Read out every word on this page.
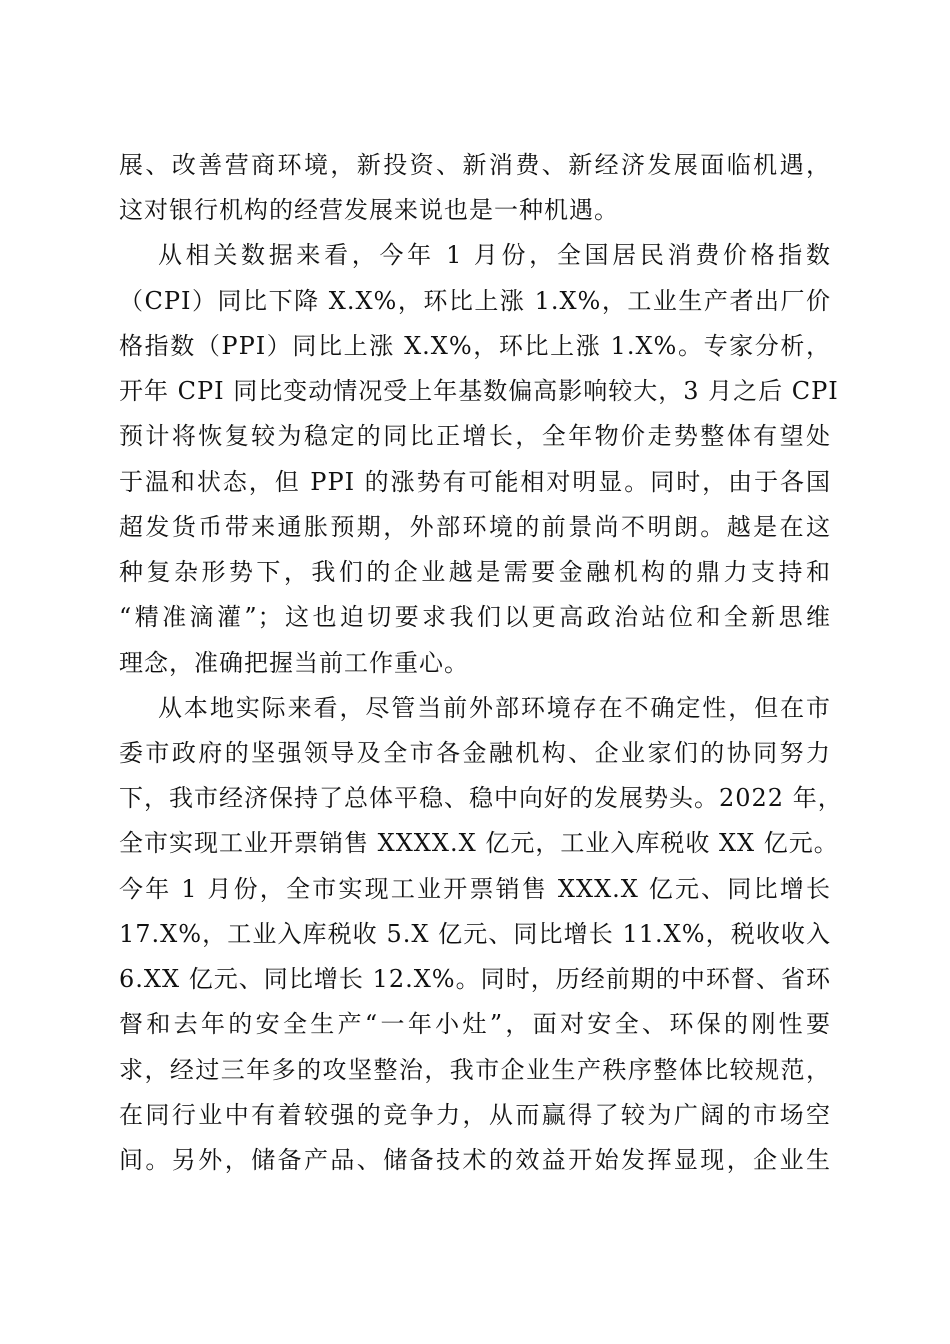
展、改善营商环境，新投资、新消费、新经济发展面临机遇，
这对银行机构的经营发展来说也是一种机遇。
从相关数据来看，今年 1 月份，全国居民消费价格指数
（CPI）同比下降 X.X%，环比上涨 1.X%，工业生产者出厂价
格指数（PPI）同比上涨 X.X%，环比上涨 1.X%。专家分析，
开年 CPI 同比变动情况受上年基数偏高影响较大，3 月之后 CPI
预计将恢复较为稳定的同比正增长，全年物价走势整体有望处
于温和状态，但 PPI 的涨势有可能相对明显。同时，由于各国
超发货币带来通胀预期，外部环境的前景尚不明朗。越是在这
种复杂形势下，我们的企业越是需要金融机构的鼎力支持和
“精准滴灌”；这也迫切要求我们以更高政治站位和全新思维
理念，准确把握当前工作重心。
从本地实际来看，尽管当前外部环境存在不确定性，但在市
委市政府的坚强领导及全市各金融机构、企业家们的协同努力
下，我市经济保持了总体平稳、稳中向好的发展势头。2022 年，
全市实现工业开票销售 XXXX.X 亿元，工业入库税收 XX 亿元。
今年 1 月份，全市实现工业开票销售 XXX.X 亿元、同比增长
17.X%，工业入库税收 5.X 亿元、同比增长 11.X%，税收收入
6.XX 亿元、同比增长 12.X%。同时，历经前期的中环督、省环
督和去年的安全生产“一年小灶”，面对安全、环保的刚性要
求，经过三年多的攻坚整治，我市企业生产秩序整体比较规范，
在同行业中有着较强的竞争力，从而赢得了较为广阔的市场空
间。另外，储备产品、储备技术的效益开始发挥显现，企业生
